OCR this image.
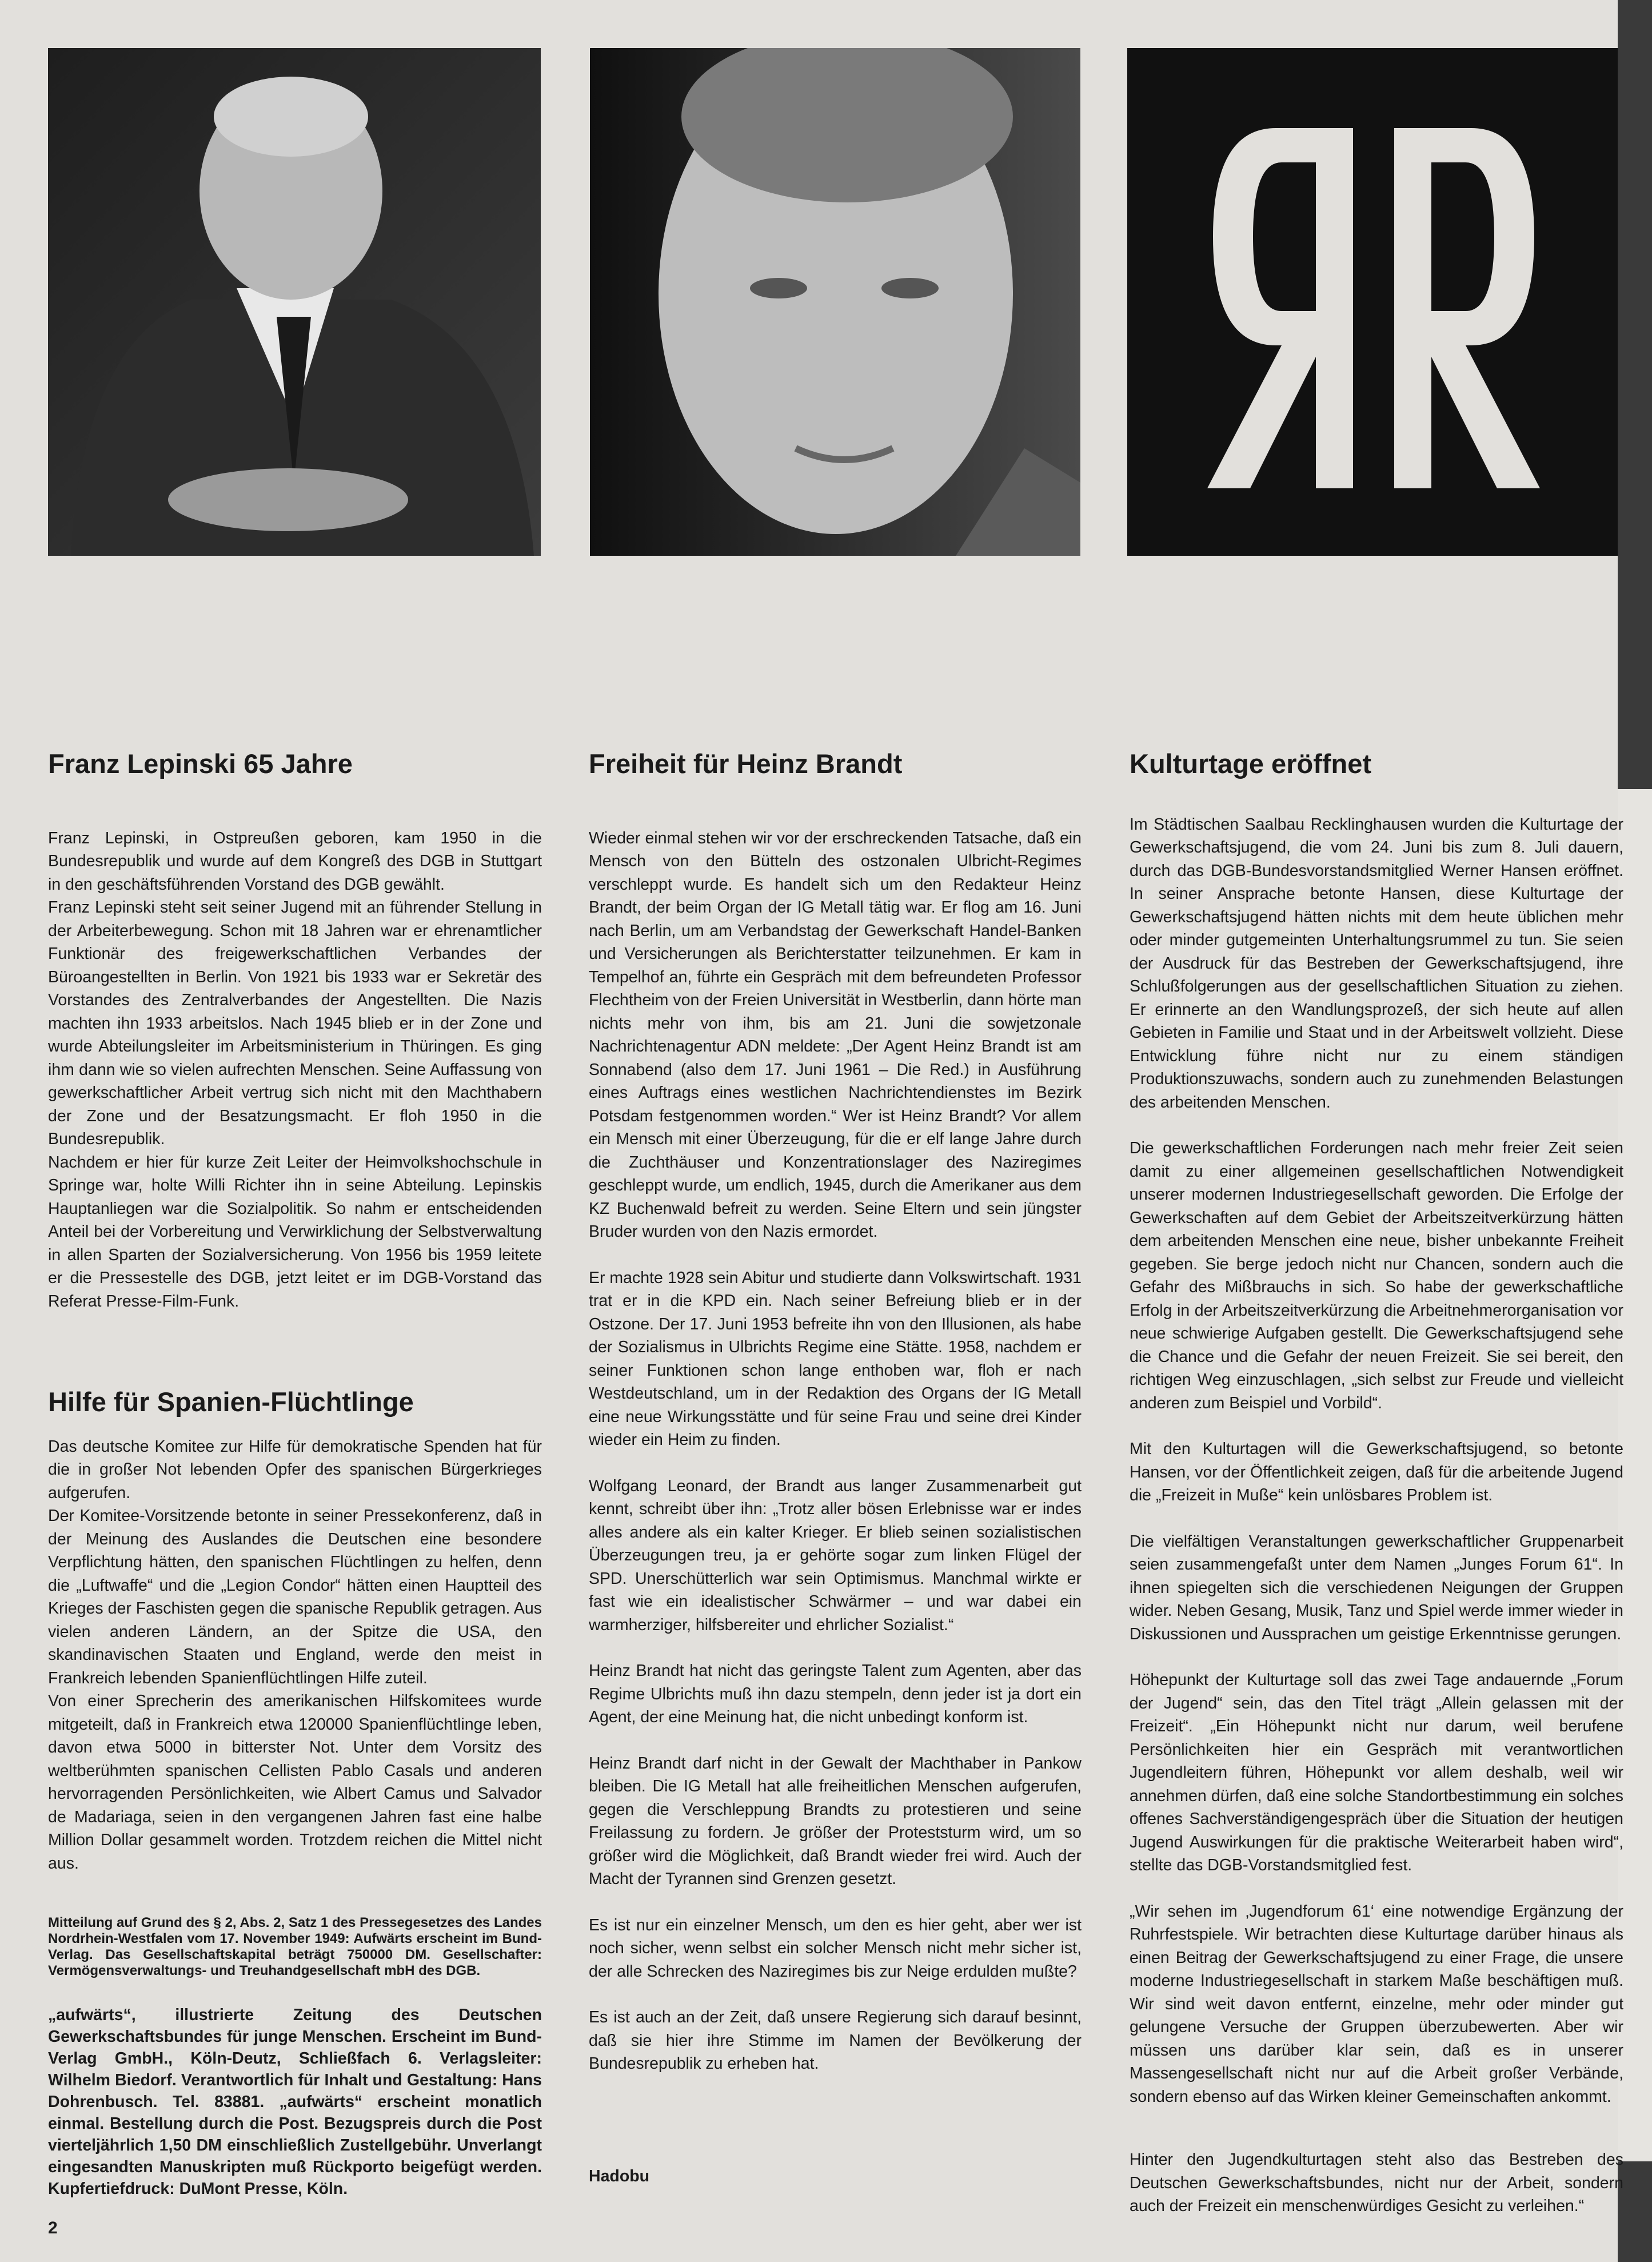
Franz Lepinski 65 Jahre

Franz Lepinski, in Ostpreußen geboren, kam 1950 in die Bundesrepublik und wurde auf dem Kongreß des DGB in Stuttgart in den geschäftsführenden Vorstand des DGB gewählt.

Franz Lepinski steht seit seiner Jugend mit an führender Stellung in der Arbeiterbewegung. Schon mit 18 Jahren war er ehrenamtlicher Funktionär des freigewerkschaftlichen Verbandes der Büroangestellten in Berlin. Von 1921 bis 1933 war er Sekretär des Vorstandes des Zentralverbandes der Angestellten. Die Nazis machten ihn 1933 arbeitslos. Nach 1945 blieb er in der Zone und wurde Abteilungsleiter im Arbeitsministerium in Thüringen. Es ging ihm dann wie so vielen aufrechten Menschen. Seine Auffassung von gewerkschaftlicher Arbeit vertrug sich nicht mit den Machthabern der Zone und der Besatzungsmacht. Er floh 1950 in die Bundesrepublik.

Nachdem er hier für kurze Zeit Leiter der Heimvolkshochschule in Springe war, holte Willi Richter ihn in seine Abteilung. Lepinskis Hauptanliegen war die Sozialpolitik. So nahm er entscheidenden Anteil bei der Vorbereitung und Verwirklichung der Selbstverwaltung in allen Sparten der Sozialversicherung. Von 1956 bis 1959 leitete er die Pressestelle des DGB, jetzt leitet er im DGB-Vorstand das Referat Presse-Film-Funk.

Hilfe für Spanien-Flüchtlinge

Das deutsche Komitee zur Hilfe für demokratische Spenden hat für die in großer Not lebenden Opfer des spanischen Bürgerkrieges aufgerufen.

Der Komitee-Vorsitzende betonte in seiner Pressekonferenz, daß in der Meinung des Auslandes die Deutschen eine besondere Verpflichtung hätten, den spanischen Flüchtlingen zu helfen, denn die „Luftwaffe“ und die „Legion Condor“ hätten einen Hauptteil des Krieges der Faschisten gegen die spanische Republik getragen. Aus vielen anderen Ländern, an der Spitze die USA, den skandinavischen Staaten und England, werde den meist in Frankreich lebenden Spanienflüchtlingen Hilfe zuteil.

Von einer Sprecherin des amerikanischen Hilfskomitees wurde mitgeteilt, daß in Frankreich etwa 120000 Spanienflüchtlinge leben, davon etwa 5000 in bitterster Not. Unter dem Vorsitz des weltberühmten spanischen Cellisten Pablo Casals und anderen hervorragenden Persönlichkeiten, wie Albert Camus und Salvador de Madariaga, seien in den vergangenen Jahren fast eine halbe Million Dollar gesammelt worden. Trotzdem reichen die Mittel nicht aus.

Mitteilung auf Grund des § 2, Abs. 2, Satz 1 des Pressegesetzes des Landes Nordrhein-Westfalen vom 17. November 1949: Aufwärts erscheint im Bund-Verlag. Das Gesellschaftskapital beträgt 750000 DM. Gesellschafter: Vermögensverwaltungs- und Treuhandgesellschaft mbH des DGB.

„aufwärts“, illustrierte Zeitung des Deutschen Gewerkschaftsbundes für junge Menschen. Erscheint im Bund-Verlag GmbH., Köln-Deutz, Schließfach 6. Verlagsleiter: Wilhelm Biedorf. Verantwortlich für Inhalt und Gestaltung: Hans Dohrenbusch. Tel. 83881. „aufwärts“ erscheint monatlich einmal. Bestellung durch die Post. Bezugspreis durch die Post vierteljährlich 1,50 DM einschließlich Zustellgebühr. Unverlangt eingesandten Manuskripten muß Rückporto beigefügt werden. Kupfertiefdruck: DuMont Presse, Köln.

Freiheit für Heinz Brandt

Wieder einmal stehen wir vor der erschreckenden Tatsache, daß ein Mensch von den Bütteln des ostzonalen Ulbricht-Regimes verschleppt wurde. Es handelt sich um den Redakteur Heinz Brandt, der beim Organ der IG Metall tätig war. Er flog am 16. Juni nach Berlin, um am Verbandstag der Gewerkschaft Handel-Banken und Versicherungen als Berichterstatter teilzunehmen. Er kam in Tempelhof an, führte ein Gespräch mit dem befreundeten Professor Flechtheim von der Freien Universität in Westberlin, dann hörte man nichts mehr von ihm, bis am 21. Juni die sowjetzonale Nachrichtenagentur ADN meldete: „Der Agent Heinz Brandt ist am Sonnabend (also dem 17. Juni 1961 – Die Red.) in Ausführung eines Auftrags eines westlichen Nachrichtendienstes im Bezirk Potsdam festgenommen worden.“ Wer ist Heinz Brandt? Vor allem ein Mensch mit einer Überzeugung, für die er elf lange Jahre durch die Zuchthäuser und Konzentrationslager des Naziregimes geschleppt wurde, um endlich, 1945, durch die Amerikaner aus dem KZ Buchenwald befreit zu werden. Seine Eltern und sein jüngster Bruder wurden von den Nazis ermordet.

Er machte 1928 sein Abitur und studierte dann Volkswirtschaft. 1931 trat er in die KPD ein. Nach seiner Befreiung blieb er in der Ostzone. Der 17. Juni 1953 befreite ihn von den Illusionen, als habe der Sozialismus in Ulbrichts Regime eine Stätte. 1958, nachdem er seiner Funktionen schon lange enthoben war, floh er nach Westdeutschland, um in der Redaktion des Organs der IG Metall eine neue Wirkungsstätte und für seine Frau und seine drei Kinder wieder ein Heim zu finden.

Wolfgang Leonard, der Brandt aus langer Zusammenarbeit gut kennt, schreibt über ihn: „Trotz aller bösen Erlebnisse war er indes alles andere als ein kalter Krieger. Er blieb seinen sozialistischen Überzeugungen treu, ja er gehörte sogar zum linken Flügel der SPD. Unerschütterlich war sein Optimismus. Manchmal wirkte er fast wie ein idealistischer Schwärmer – und war dabei ein warmherziger, hilfsbereiter und ehrlicher Sozialist.“

Heinz Brandt hat nicht das geringste Talent zum Agenten, aber das Regime Ulbrichts muß ihn dazu stempeln, denn jeder ist ja dort ein Agent, der eine Meinung hat, die nicht unbedingt konform ist.

Heinz Brandt darf nicht in der Gewalt der Machthaber in Pankow bleiben. Die IG Metall hat alle freiheitlichen Menschen aufgerufen, gegen die Verschleppung Brandts zu protestieren und seine Freilassung zu fordern. Je größer der Proteststurm wird, um so größer wird die Möglichkeit, daß Brandt wieder frei wird. Auch der Macht der Tyrannen sind Grenzen gesetzt.

Es ist nur ein einzelner Mensch, um den es hier geht, aber wer ist noch sicher, wenn selbst ein solcher Mensch nicht mehr sicher ist, der alle Schrecken des Naziregimes bis zur Neige erdulden mußte?

Es ist auch an der Zeit, daß unsere Regierung sich darauf besinnt, daß sie hier ihre Stimme im Namen der Bevölkerung der Bundesrepublik zu erheben hat.

Hadobu
Kulturtage eröffnet

Im Städtischen Saalbau Recklinghausen wurden die Kulturtage der Gewerkschaftsjugend, die vom 24. Juni bis zum 8. Juli dauern, durch das DGB-Bundesvorstandsmitglied Werner Hansen eröffnet. In seiner Ansprache betonte Hansen, diese Kulturtage der Gewerkschaftsjugend hätten nichts mit dem heute üblichen mehr oder minder gutgemeinten Unterhaltungsrummel zu tun. Sie seien der Ausdruck für das Bestreben der Gewerkschaftsjugend, ihre Schlußfolgerungen aus der gesellschaftlichen Situation zu ziehen. Er erinnerte an den Wandlungsprozeß, der sich heute auf allen Gebieten in Familie und Staat und in der Arbeitswelt vollzieht. Diese Entwicklung führe nicht nur zu einem ständigen Produktionszuwachs, sondern auch zu zunehmenden Belastungen des arbeitenden Menschen.

Die gewerkschaftlichen Forderungen nach mehr freier Zeit seien damit zu einer allgemeinen gesellschaftlichen Notwendigkeit unserer modernen Industriegesellschaft geworden. Die Erfolge der Gewerkschaften auf dem Gebiet der Arbeitszeitverkürzung hätten dem arbeitenden Menschen eine neue, bisher unbekannte Freiheit gegeben. Sie berge jedoch nicht nur Chancen, sondern auch die Gefahr des Mißbrauchs in sich. So habe der gewerkschaftliche Erfolg in der Arbeitszeitverkürzung die Arbeitnehmerorganisation vor neue schwierige Aufgaben gestellt. Die Gewerkschaftsjugend sehe die Chance und die Gefahr der neuen Freizeit. Sie sei bereit, den richtigen Weg einzuschlagen, „sich selbst zur Freude und vielleicht anderen zum Beispiel und Vorbild“.

Mit den Kulturtagen will die Gewerkschaftsjugend, so betonte Hansen, vor der Öffentlichkeit zeigen, daß für die arbeitende Jugend die „Freizeit in Muße“ kein unlösbares Problem ist.

Die vielfältigen Veranstaltungen gewerkschaftlicher Gruppenarbeit seien zusammengefaßt unter dem Namen „Junges Forum 61“. In ihnen spiegelten sich die verschiedenen Neigungen der Gruppen wider. Neben Gesang, Musik, Tanz und Spiel werde immer wieder in Diskussionen und Aussprachen um geistige Erkenntnisse gerungen.

Höhepunkt der Kulturtage soll das zwei Tage andauernde „Forum der Jugend“ sein, das den Titel trägt „Allein gelassen mit der Freizeit“. „Ein Höhepunkt nicht nur darum, weil berufene Persönlichkeiten hier ein Gespräch mit verantwortlichen Jugendleitern führen, Höhepunkt vor allem deshalb, weil wir annehmen dürfen, daß eine solche Standortbestimmung ein solches offenes Sachverständigengespräch über die Situation der heutigen Jugend Auswirkungen für die praktische Weiterarbeit haben wird“, stellte das DGB-Vorstandsmitglied fest.

„Wir sehen im ‚Jugendforum 61‘ eine notwendige Ergänzung der Ruhrfestspiele. Wir betrachten diese Kulturtage darüber hinaus als einen Beitrag der Gewerkschaftsjugend zu einer Frage, die unsere moderne Industriegesellschaft in starkem Maße beschäftigen muß. Wir sind weit davon entfernt, einzelne, mehr oder minder gut gelungene Versuche der Gruppen überzubewerten. Aber wir müssen uns darüber klar sein, daß es in unserer Massengesellschaft nicht nur auf die Arbeit großer Verbände, sondern ebenso auf das Wirken kleiner Gemeinschaften ankommt.

Hinter den Jugendkulturtagen steht also das Bestreben des Deutschen Gewerkschaftsbundes, nicht nur der Arbeit, sondern auch der Freizeit ein menschenwürdiges Gesicht zu verleihen.“

2
